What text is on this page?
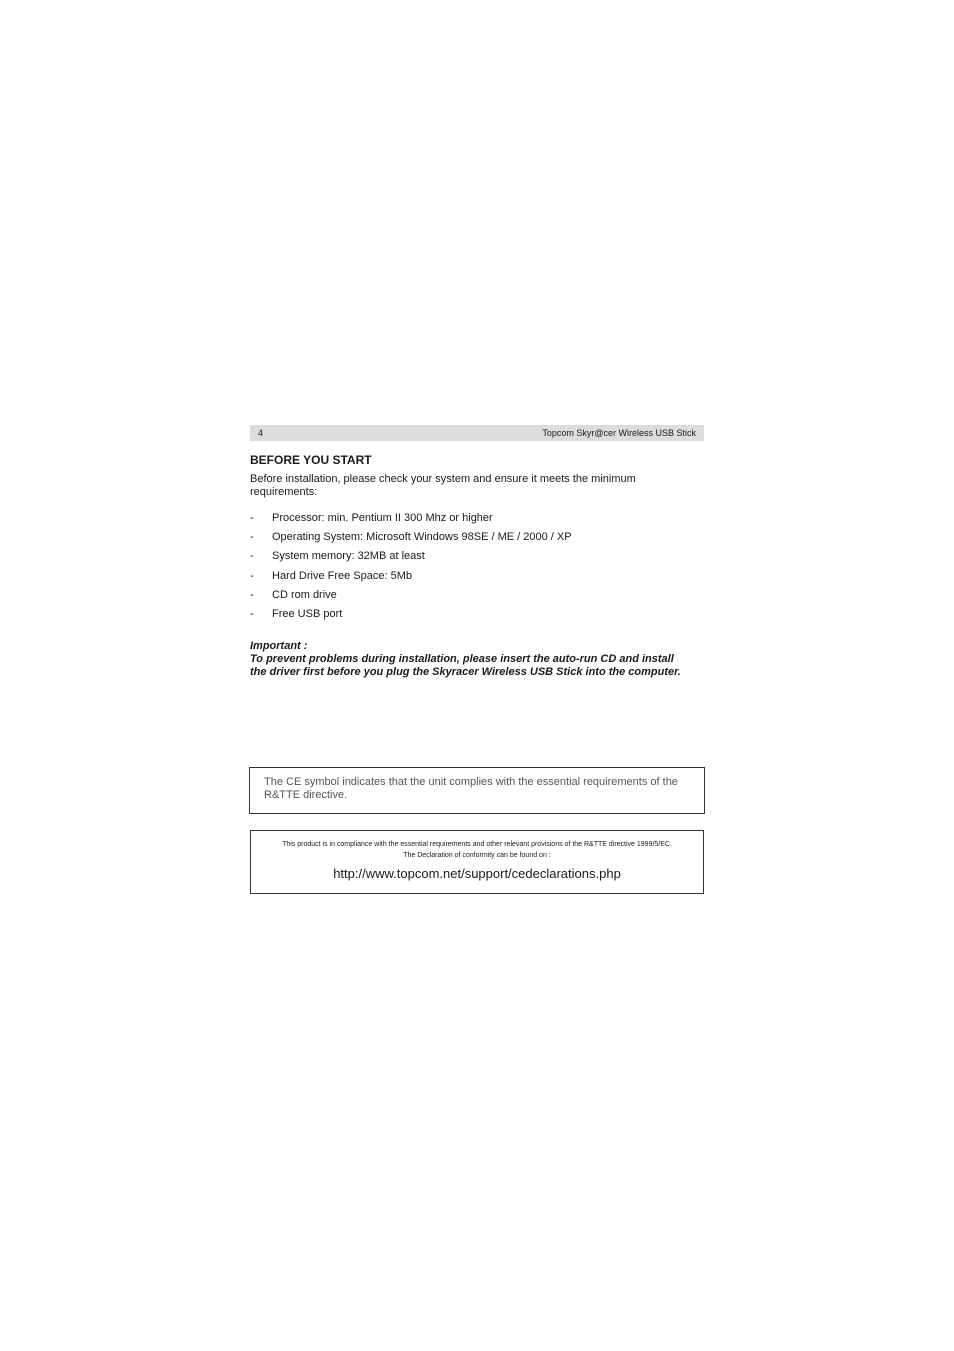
4	Topcom Skyr@cer Wireless USB Stick
BEFORE YOU START

Before installation, please check your system and ensure it meets the minimum requirements:

- Processor: min. Pentium II 300 Mhz or higher
- Operating System: Microsoft Windows 98SE / ME / 2000 / XP
- System memory: 32MB at least
- Hard Drive Free Space: 5Mb
- CD rom drive
- Free USB port
Important :

To prevent problems during installation, please insert the auto-run CD and install the driver first before you plug the Skyracer Wireless USB Stick into the computer.

The CE symbol indicates that the unit complies with the essential requirements of the R&TTE directive.

This product is in compliance with the essential requirements and other relevant provisions of the R&TTE directive 1999/5/EC.
The Declaration of conformity can be found on :
http://www.topcom.net/support/cedeclarations.php
